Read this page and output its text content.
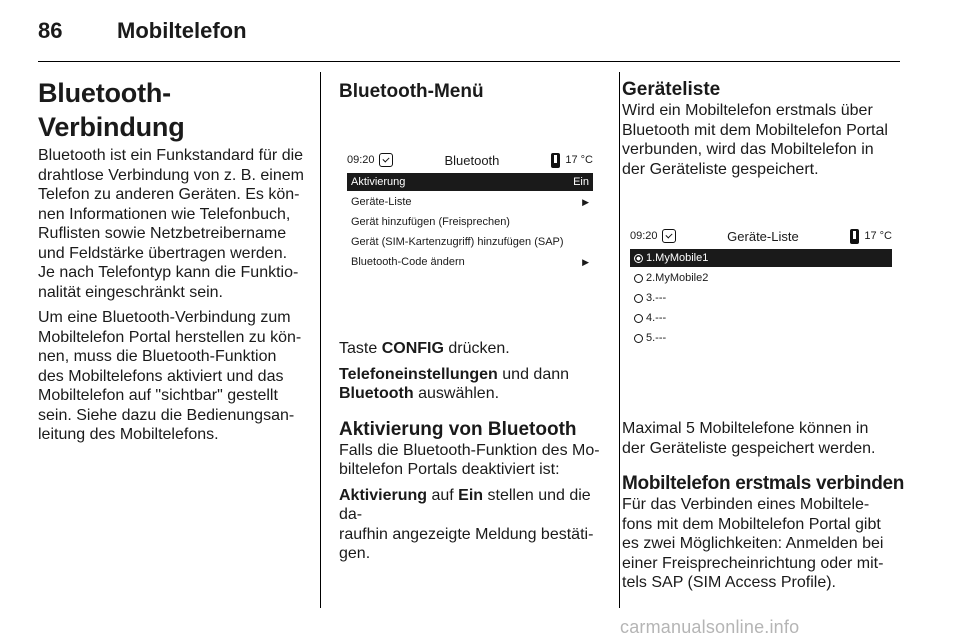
86 Mobiltelefon
Bluetooth-Verbindung

Bluetooth ist ein Funkstandard für die
drahtlose Verbindung von z. B. einem
Telefon zu anderen Geräten. Es kön-
nen Informationen wie Telefonbuch,
Ruflisten sowie Netzbetreibername
und Feldstärke übertragen werden.
Je nach Telefontyp kann die Funktio-
nalität eingeschränkt sein.

Um eine Bluetooth-Verbindung zum
Mobiltelefon Portal herstellen zu kön-
nen, muss die Bluetooth-Funktion
des Mobiltelefons aktiviert und das
Mobiltelefon auf "sichtbar" gestellt
sein. Siehe dazu die Bedienungsan-
leitung des Mobiltelefons.

Bluetooth-Menü
09:20	Bluetooth	17 °C
Aktivierung	Ein
Geräte-Liste	▶
Gerät hinzufügen (Freisprechen)
Gerät (SIM-Kartenzugriff) hinzufügen (SAP)
Bluetooth-Code ändern	▶

Taste CONFIG drücken.

Telefoneinstellungen und dann
Bluetooth auswählen.

Aktivierung von Bluetooth

Falls die Bluetooth-Funktion des Mo-
biltelefon Portals deaktiviert ist:

Aktivierung auf Ein stellen und die da-
raufhin angezeigte Meldung bestäti-
gen.

Geräteliste

Wird ein Mobiltelefon erstmals über
Bluetooth mit dem Mobiltelefon Portal
verbunden, wird das Mobiltelefon in
der Geräteliste gespeichert.

09:20	Geräte-Liste	17 °C
1.MyMobile1
2.MyMobile2
3.---
4.---
5.---

Maximal 5 Mobiltelefone können in
der Geräteliste gespeichert werden.

Mobiltelefon erstmals verbinden

Für das Verbinden eines Mobiltele-
fons mit dem Mobiltelefon Portal gibt
es zwei Möglichkeiten: Anmelden bei
einer Freisprecheinrichtung oder mit-
tels SAP (SIM Access Profile).

carmanualsonline.info
